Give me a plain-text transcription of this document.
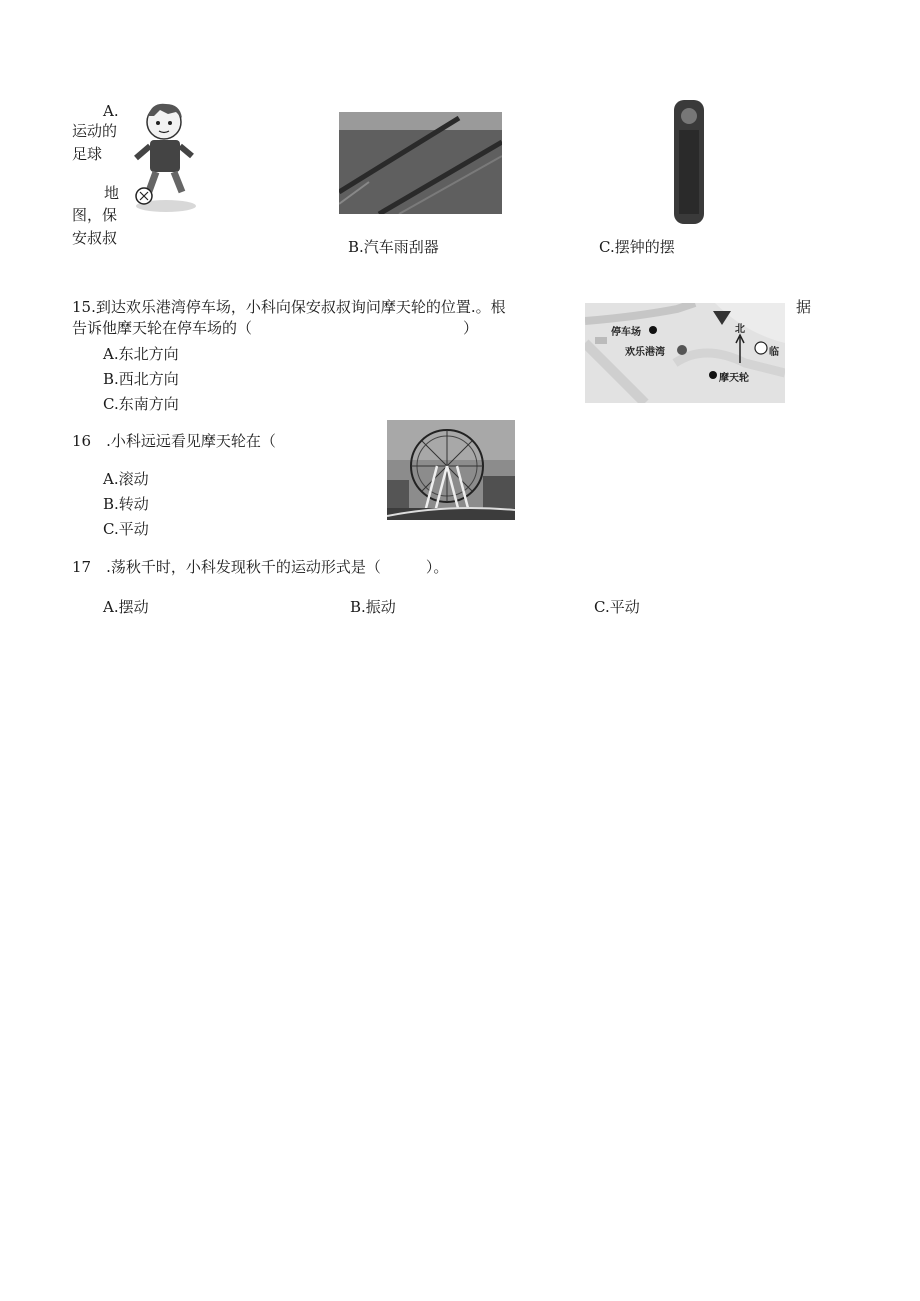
A.
运动的
足球
地
图，保
安叔叔	B.汽车雨刮器	C.摆钟的摆
15.到达欢乐港湾停车场，小科向保安叔叔询问摩天轮的位置.。根	据
告诉他摩天轮在停车场的（	）
A.东北方向
B.西北方向
C.东南方向
停车场
欢乐港湾
北
摩天轮
临
16　.小科远远看见摩天轮在（
A.滚动
B.转动
C.平动
17　.荡秋千时，小科发现秋千的运动形式是（　　　）。
A.摆动	B.振动	C.平动
